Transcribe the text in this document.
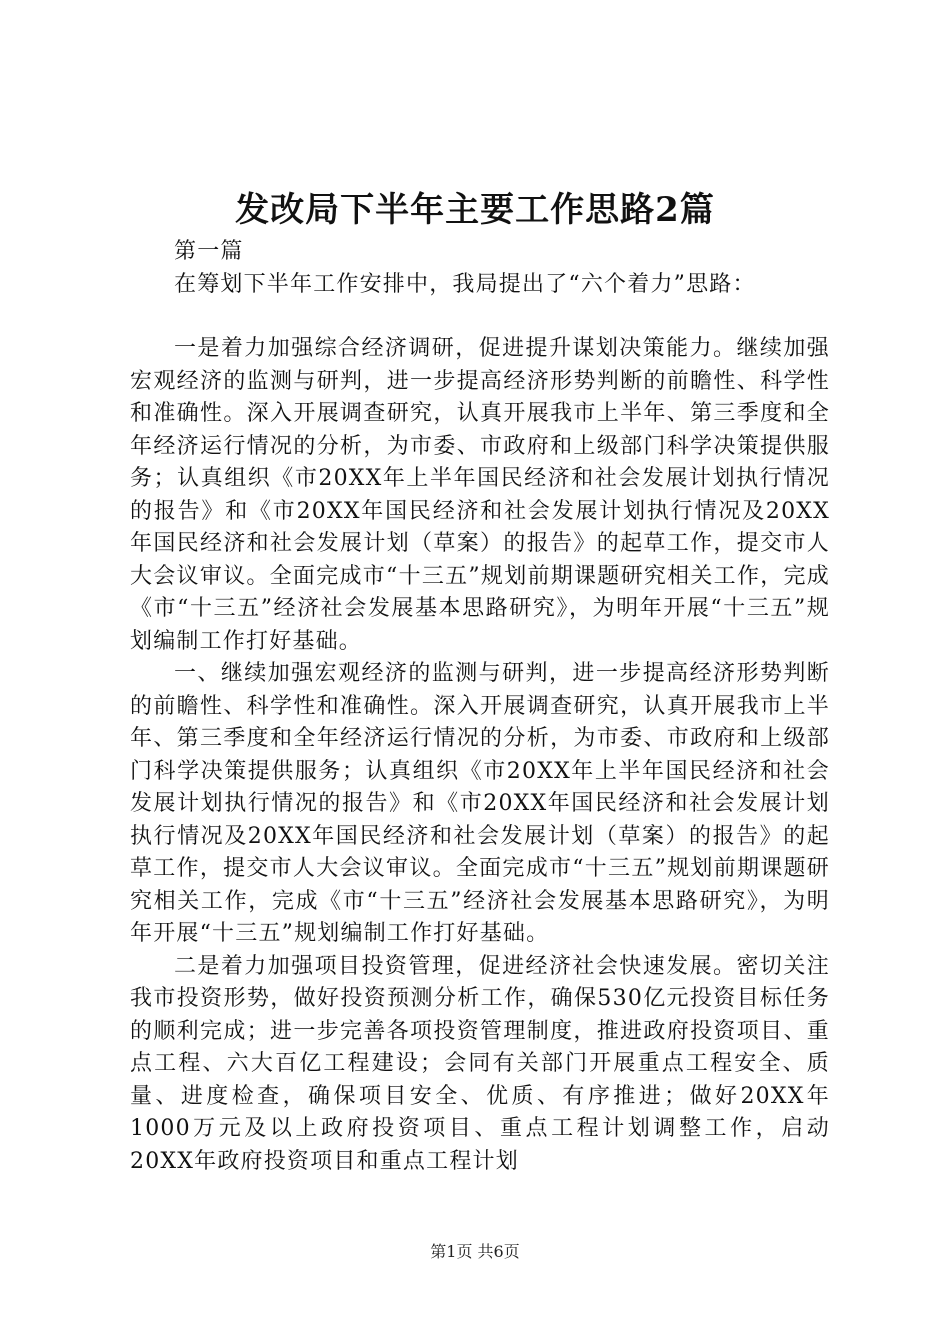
发改局下半年主要工作思路2篇

第一篇

在筹划下半年工作安排中，我局提出了“六个着力”思路：

一是着力加强综合经济调研，促进提升谋划决策能力。继续加强宏观经济的监测与研判，进一步提高经济形势判断的前瞻性、科学性和准确性。深入开展调查研究，认真开展我市上半年、第三季度和全年经济运行情况的分析，为市委、市政府和上级部门科学决策提供服务；认真组织《市20XX年上半年国民经济和社会发展计划执行情况的报告》和《市20XX年国民经济和社会发展计划执行情况及20XX年国民经济和社会发展计划（草案）的报告》的起草工作，提交市人大会议审议。全面完成市“十三五”规划前期课题研究相关工作，完成《市“十三五”经济社会发展基本思路研究》，为明年开展“十三五”规划编制工作打好基础。

一、继续加强宏观经济的监测与研判，进一步提高经济形势判断的前瞻性、科学性和准确性。深入开展调查研究，认真开展我市上半年、第三季度和全年经济运行情况的分析，为市委、市政府和上级部门科学决策提供服务；认真组织《市20XX年上半年国民经济和社会发展计划执行情况的报告》和《市20XX年国民经济和社会发展计划执行情况及20XX年国民经济和社会发展计划（草案）的报告》的起草工作，提交市人大会议审议。全面完成市“十三五”规划前期课题研究相关工作，完成《市“十三五”经济社会发展基本思路研究》，为明年开展“十三五”规划编制工作打好基础。

二是着力加强项目投资管理，促进经济社会快速发展。密切关注我市投资形势，做好投资预测分析工作，确保530亿元投资目标任务的顺利完成；进一步完善各项投资管理制度，推进政府投资项目、重点工程、六大百亿工程建设；会同有关部门开展重点工程安全、质量、进度检查，确保项目安全、优质、有序推进；做好20XX年1000万元及以上政府投资项目、重点工程计划调整工作，启动20XX年政府投资项目和重点工程计划

第1页 共6页
